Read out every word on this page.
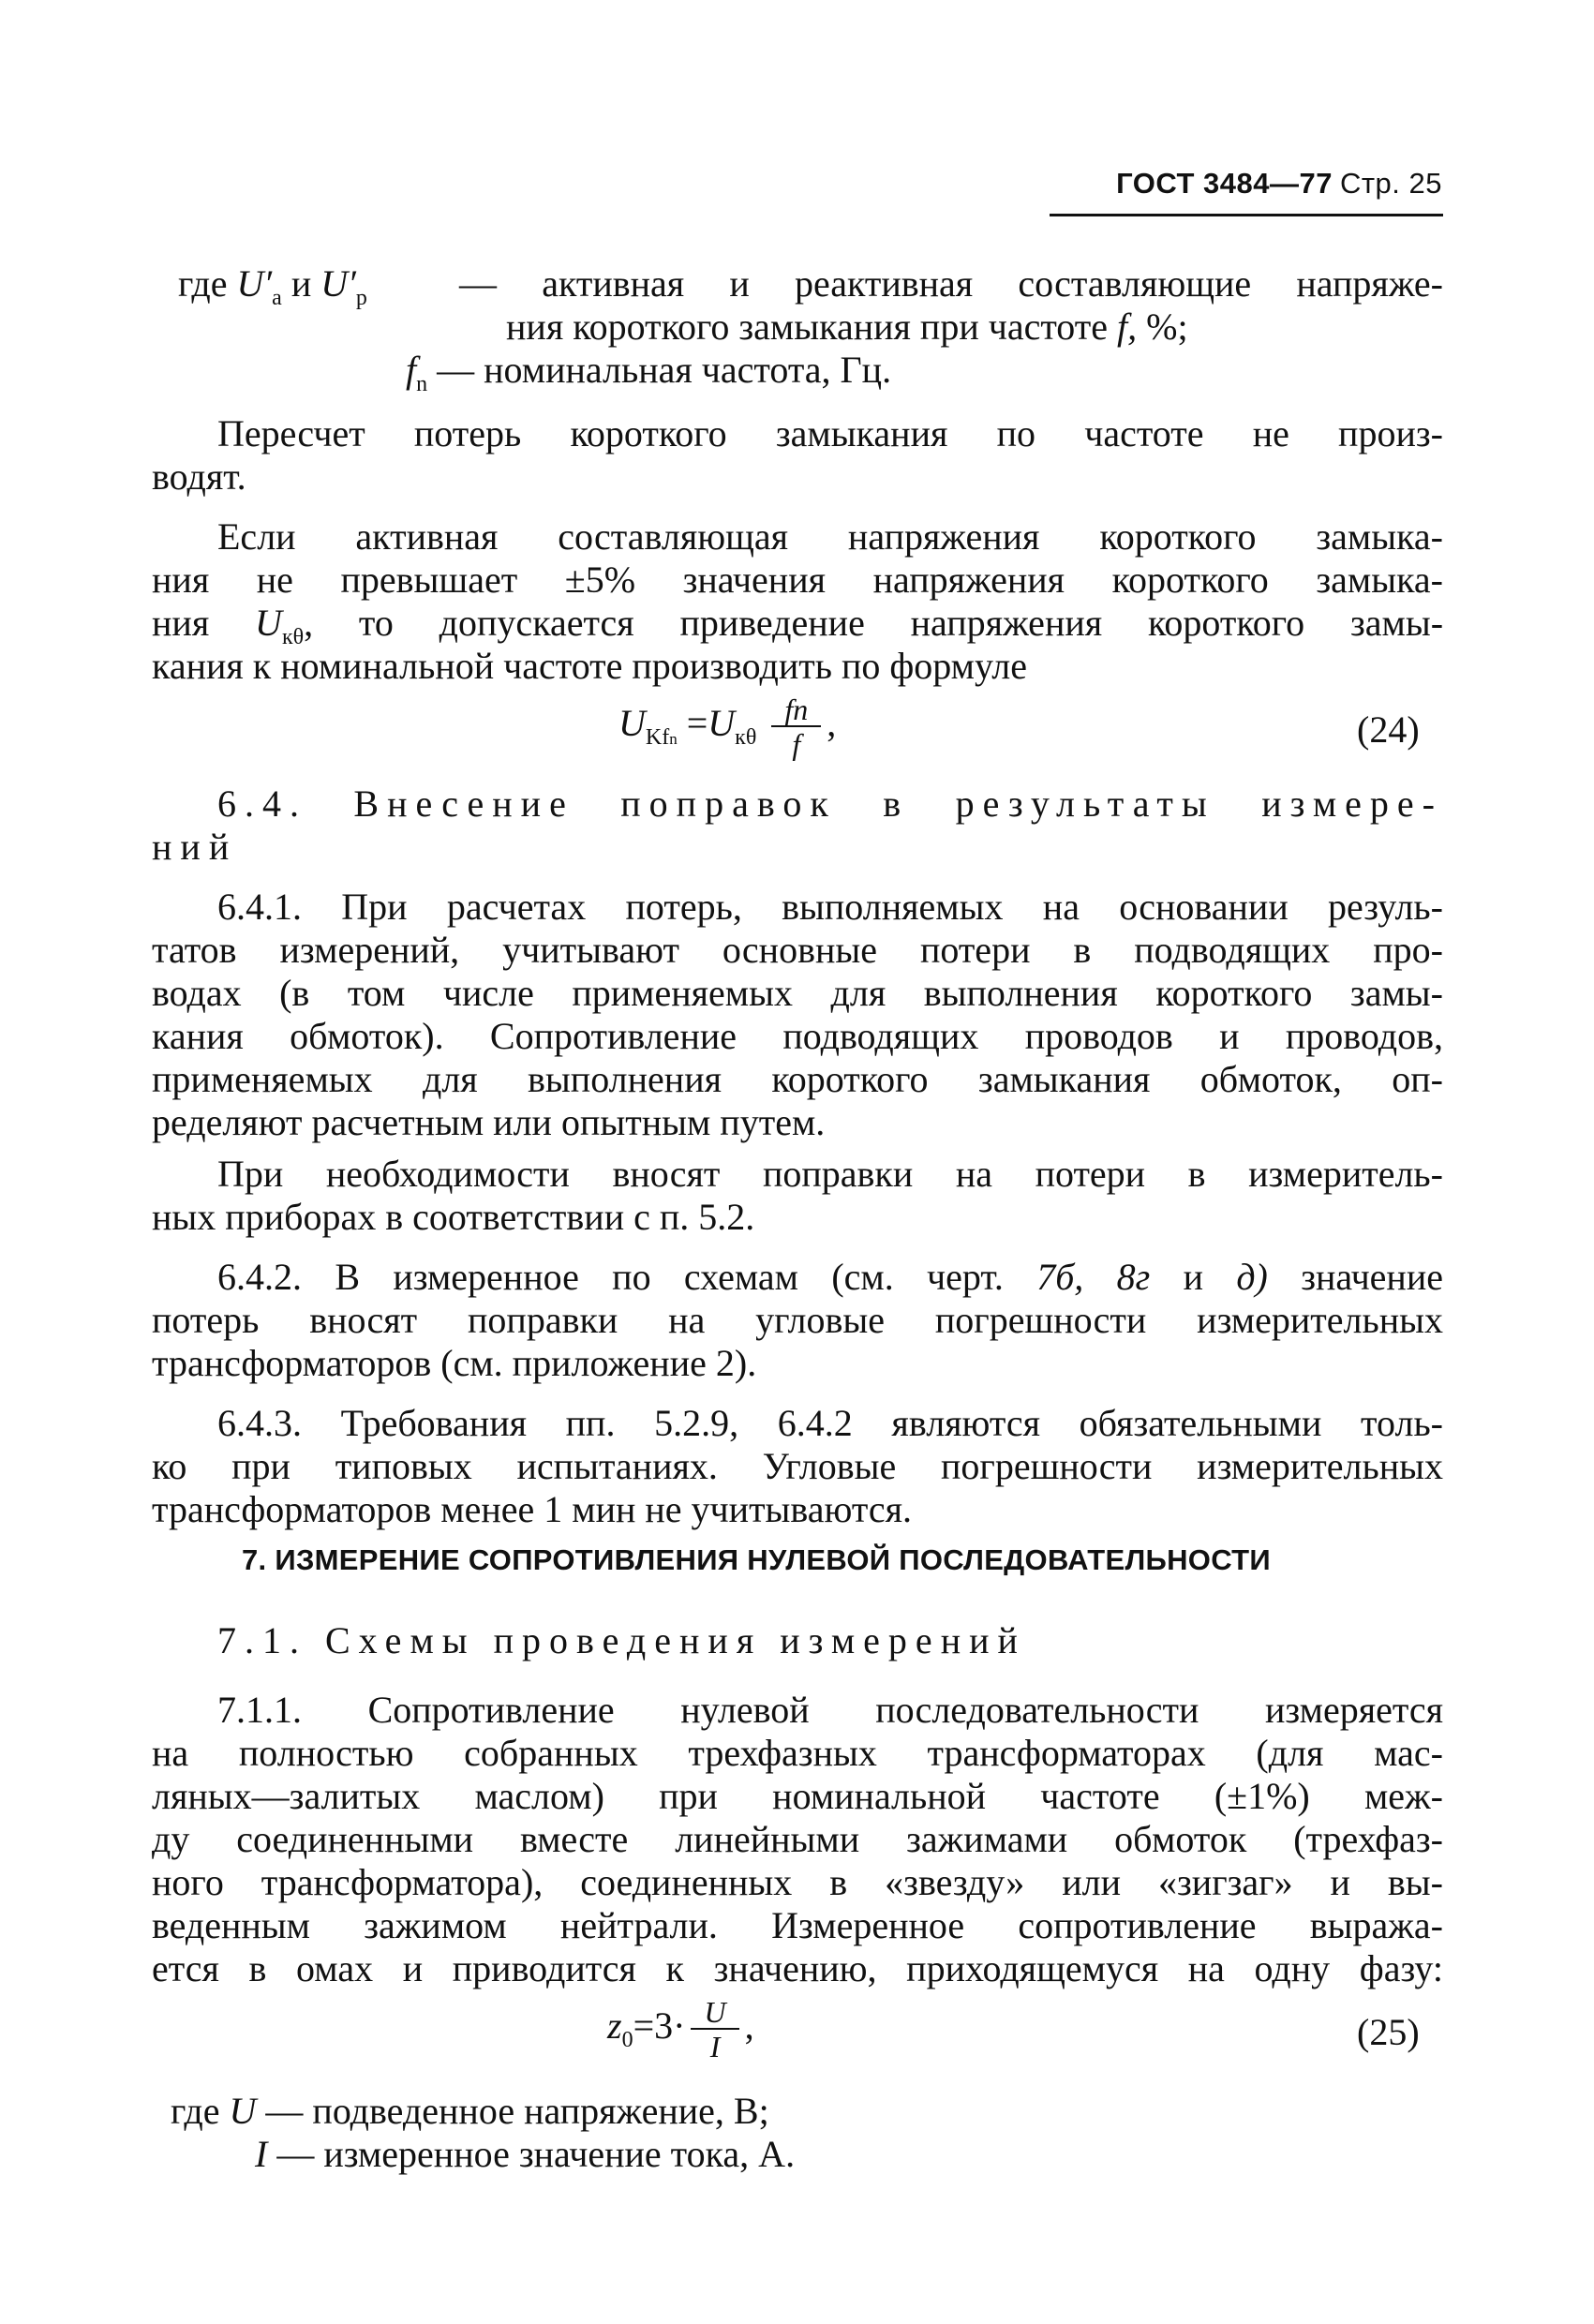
ГОСТ 3484—77 Стр. 25
где $U'_а$ и $U'_р$ — активная и реактивная составляющие напряже-
ния короткого замыкания при частоте f, %;
$f_n$ — номинальная частота, Гц.
Пересчет потерь короткого замыкания по частоте не произ-
водят.
Если активная составляющая напряжения короткого замыка-
ния не превышает ±5% значения напряжения короткого замыка-
ния $U_{к\theta}$, то допускается приведение напряжения короткого замы-
кания к номинальной частоте производить по формуле
$U_{Kfn} =U_{к\theta} \frac{fn}{f}$ ,	(24)
6.4. Внесение поправок в результаты измере-
ний
6.4.1. При расчетах потерь, выполняемых на основании резуль-
татов измерений, учитывают основные потери в подводящих про-
водах (в том числе применяемых для выполнения короткого замы-
кания обмоток). Сопротивление подводящих проводов и проводов,
применяемых для выполнения короткого замыкания обмоток, оп-
ределяют расчетным или опытным путем.
При необходимости вносят поправки на потери в измеритель-
ных приборах в соответствии с п. 5.2.
6.4.2. В измеренное по схемам (см. черт. 7б, 8г и д) значение
потерь вносят поправки на угловые погрешности измерительных
трансформаторов (см. приложение 2).
6.4.3. Требования пп. 5.2.9, 6.4.2 являются обязательными толь-
ко при типовых испытаниях. Угловые погрешности измерительных
трансформаторов менее 1 мин не учитываются.
7. ИЗМЕРЕНИЕ СОПРОТИВЛЕНИЯ НУЛЕВОЙ ПОСЛЕДОВАТЕЛЬНОСТИ
7.1. Схемы проведения измерений
7.1.1. Сопротивление нулевой последовательности измеряется
на полностью собранных трехфазных трансформаторах (для мас-
ляных—залитых маслом) при номинальной частоте (±1%) меж-
ду соединенными вместе линейными зажимами обмоток (трехфаз-
ного трансформатора), соединенных в «звезду» или «зигзаг» и вы-
веденным зажимом нейтрали. Измеренное сопротивление выража-
ется в омах и приводится к значению, приходящемуся на одну фазу:
$z_0=3\cdot \frac{U}{I}$ ,	(25)
где U — подведенное напряжение, В;
I — измеренное значение тока, А.
